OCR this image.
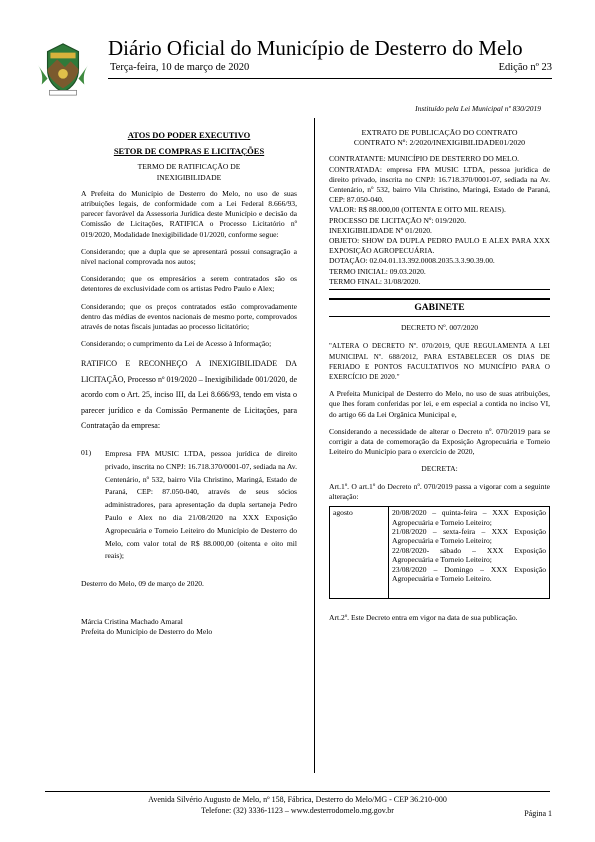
Diário Oficial do Município de Desterro do Melo
Terça-feira, 10 de março de 2020	Edição nº 23
Instituído pela Lei Municipal nº 830/2019
ATOS DO PODER EXECUTIVO
SETOR DE COMPRAS E LICITAÇÕES
TERMO DE RATIFICAÇÃO DE
INEXIGIBILIDADE

A Prefeita do Município de Desterro do Melo, no uso de suas atribuições legais, de conformidade com a Lei Federal 8.666/93, parecer favorável da Assessoria Jurídica deste Município e decisão da Comissão de Licitações, RATIFICA o Processo Licitatório nº 019/2020, Modalidade Inexigibilidade 01/2020, conforme segue:

Considerando; que a dupla que se apresentará possui consagração a nível nacional comprovada nos autos;

Considerando; que os empresários a serem contratados são os detentores de exclusividade com os artistas Pedro Paulo e Alex;

Considerando; que os preços contratados estão comprovadamente dentro das médias de eventos nacionais de mesmo porte, comprovados através de notas fiscais juntadas ao processo licitatório;

Considerando; o cumprimento da Lei de Acesso à Informação;

RATIFICO E RECONHEÇO A INEXIGIBILIDADE DA LICITAÇÃO, Processo nº 019/2020 – Inexigibilidade 001/2020, de acordo com o Art. 25, inciso III, da Lei 8.666/93, tendo em vista o parecer jurídico e da Comissão Permanente de Licitações, para Contratação da empresa:

01)	Empresa FPA MUSIC LTDA, pessoa jurídica de direito privado, inscrita no CNPJ: 16.718.370/0001-07, sediada na Av. Centenário, nº 532, bairro Vila Christino, Maringá, Estado de Paraná, CEP: 87.050-040, através de seus sócios administradores, para apresentação da dupla sertaneja Pedro Paulo e Alex no dia 21/08/2020 na XXX Exposição Agropecuária e Torneio Leiteiro do Município de Desterro do Melo, com valor total de R$ 88.000,00 (oitenta e oito mil reais);

Desterro do Melo, 09 de março de 2020.

Márcia Cristina Machado Amaral
Prefeita do Município de Desterro do Melo
EXTRATO DE PUBLICAÇÃO DO CONTRATO
CONTRATO Nº: 2/2020/INEXIGIBILIDADE01/2020
CONTRATANTE: MUNICÍPIO DE DESTERRO DO MELO.
CONTRATADA: empresa FPA MUSIC LTDA, pessoa jurídica de direito privado, inscrita no CNPJ: 16.718.370/0001-07, sediada na Av. Centenário, nº 532, bairro Vila Christino, Maringá, Estado de Paraná, CEP: 87.050-040.
VALOR: R$ 88.000,00 (OITENTA E OITO MIL REAIS).
PROCESSO DE LICITAÇÃO Nº: 019/2020.
INEXIGIBILIDADE Nº 01/2020.
OBJETO: SHOW DA DUPLA PEDRO PAULO E ALEX PARA XXX EXPOSIÇÃO AGROPECUÁRIA.
DOTAÇÃO: 02.04.01.13.392.0008.2035.3.3.90.39.00.
TERMO INICIAL: 09.03.2020.
TERMO FINAL: 31/08/2020.
GABINETE
DECRETO Nº. 007/2020

"ALTERA O DECRETO Nº. 070/2019, QUE REGULAMENTA A LEI MUNICIPAL Nº. 688/2012, PARA ESTABELECER OS DIAS DE FERIADO E PONTOS FACULTATIVOS NO MUNICÍPIO PARA O EXERCÍCIO DE 2020."

A Prefeita Municipal de Desterro do Melo, no uso de suas atribuições, que lhes foram conferidas por lei, e em especial a contida no inciso VI, do artigo 66 da Lei Orgânica Municipal e,

Considerando a necessidade de alterar o Decreto nº. 070/2019 para se corrigir a data de comemoração da Exposição Agropecuária e Torneio Leiteiro do Município para o exercício de 2020,

DECRETA:

Art.1º. O art.1º do Decreto nº. 070/2019 passa a vigorar com a seguinte alteração:
agosto	20/08/2020 – quinta-feira – XXX Exposição Agropecuária e Torneio Leiteiro;
21/08/2020 – sexta-feira – XXX Exposição Agropecuária e Torneio Leiteiro;
22/08/2020- sábado – XXX Exposição Agropecuária e Torneio Leiteiro;
23/08/2020 – Domingo – XXX Exposição Agropecuária e Torneio Leiteiro.

Art.2º. Este Decreto entra em vigor na data de sua publicação.

Avenida Silvério Augusto de Melo, nº 158, Fábrica, Desterro do Melo/MG - CEP 36.210-000
Telefone: (32) 3336-1123 – www.desterrodomelo.mg.gov.br	Página 1
